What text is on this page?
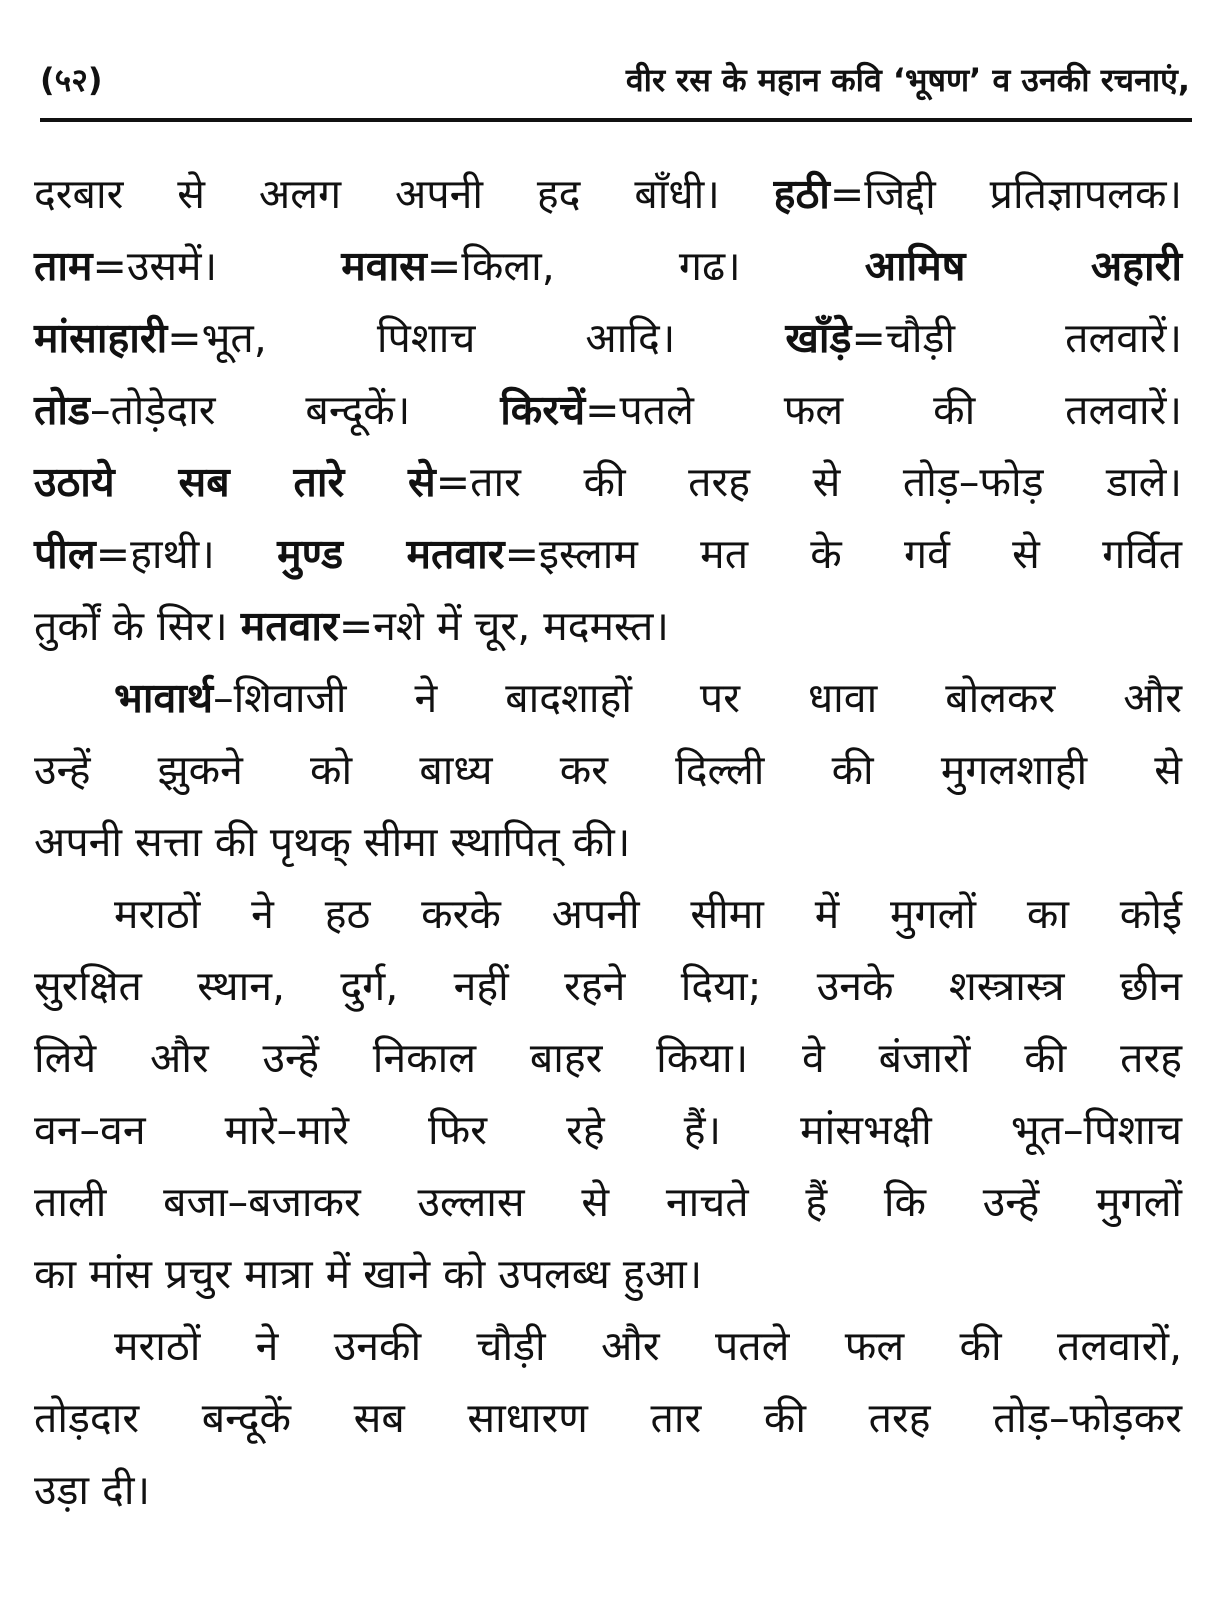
(५२)	वीर रस के महान कवि ‘भूषण’ व उनकी रचनाएं,
दरबार से अलग अपनी हद बाँधी। हठी=जिद्दी प्रतिज्ञापलक।
ताम=उसमें।	मवास=किला, गढ।	आमिष अहारी
मांसाहारी=भूत, पिशाच आदि।	खाँड़े=चौड़ी तलवारें।
तोड–तोड़ेदार बन्दूकें। किरचें=पतले फल की तलवारें।
उठाये सब तारे से=तार की तरह से तोड़–फोड़ डाले।
पील=हाथी। मुण्ड मतवार=इस्लाम मत के गर्व से गर्वित
तुर्कों के सिर। मतवार=नशे में चूर, मदमस्त।
भावार्थ–शिवाजी ने बादशाहों पर धावा बोलकर और
उन्हें झुकने को बाध्य कर दिल्ली की मुगलशाही से
अपनी सत्ता की पृथक् सीमा स्थापित् की।
मराठों ने हठ करके अपनी सीमा में मुगलों का कोई
सुरक्षित स्थान, दुर्ग, नहीं रहने दिया; उनके शस्त्रास्त्र छीन
लिये और उन्हें निकाल बाहर किया। वे बंजारों की तरह
वन–वन मारे–मारे फिर रहे हैं। मांसभक्षी भूत–पिशाच
ताली बजा–बजाकर उल्लास से नाचते हैं कि उन्हें मुगलों
का मांस प्रचुर मात्रा में खाने को उपलब्ध हुआ।
मराठों ने उनकी चौड़ी और पतले फल की तलवारों,
तोड़दार बन्दूकें सब साधारण तार की तरह तोड़–फोड़कर
उड़ा दी।
